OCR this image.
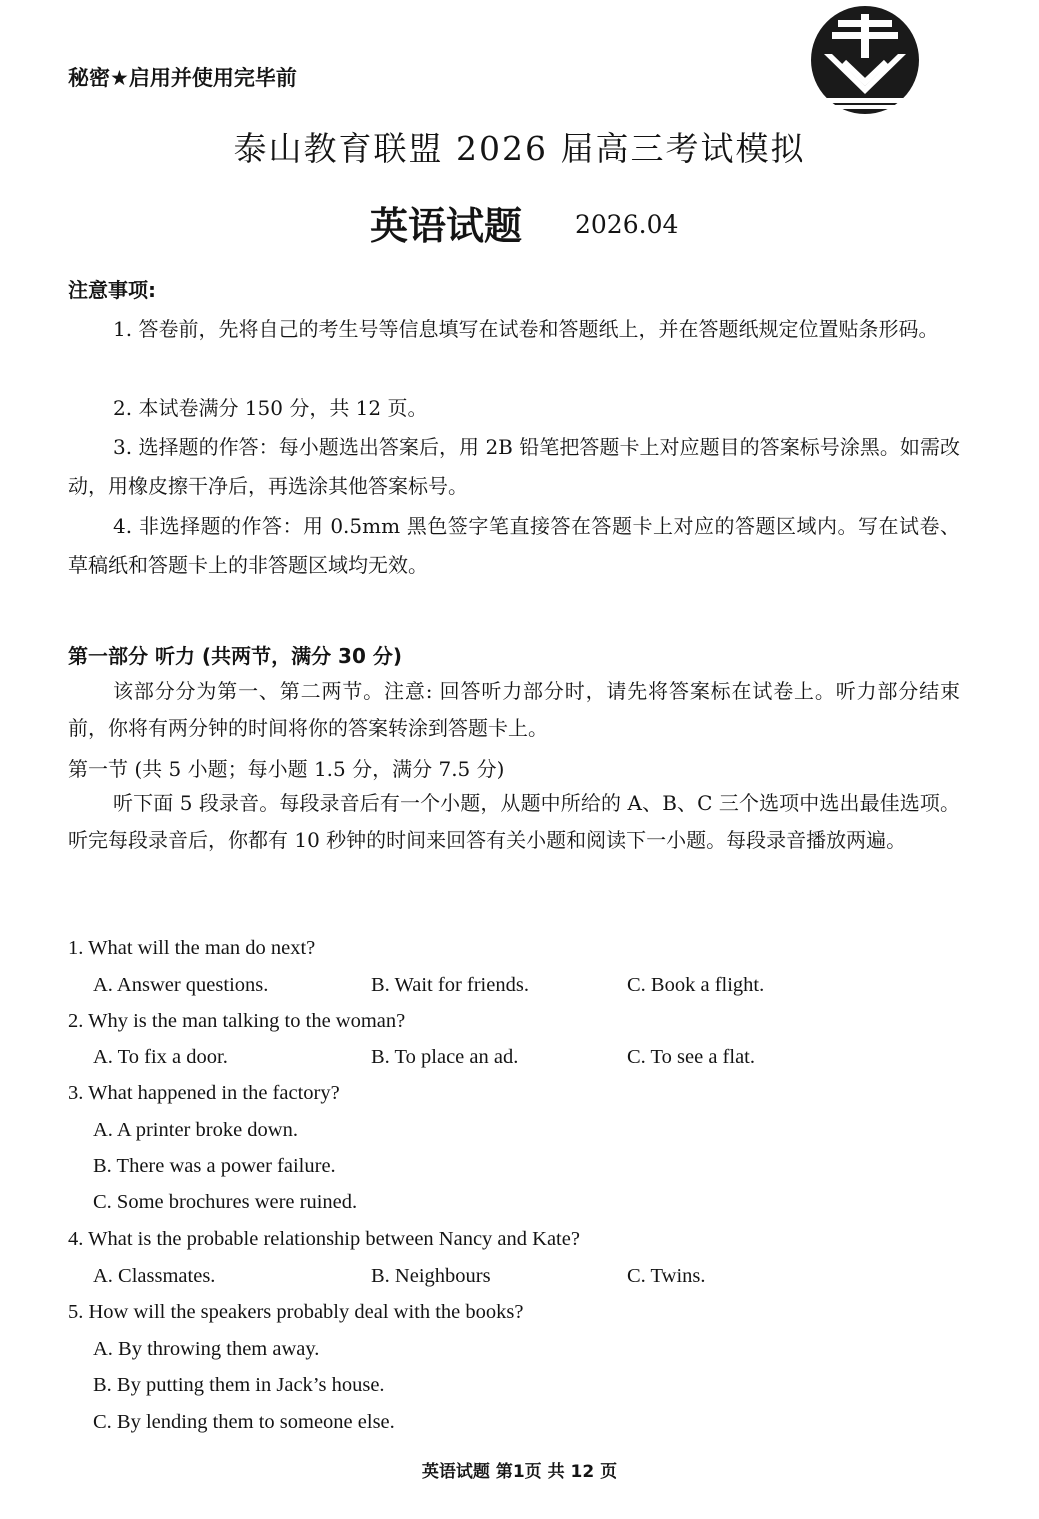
秘密★启用并使用完毕前
泰山教育联盟 2026 届高三考试模拟
英语试题 2026.04
注意事项:
1. 答卷前，先将自己的考生号等信息填写在试卷和答题纸上，并在答题纸规定位置贴条形码。
2. 本试卷满分 150 分，共 12 页。
3. 选择题的作答：每小题选出答案后，用 2B 铅笔把答题卡上对应题目的答案标号涂黑。如需改动，用橡皮擦干净后，再选涂其他答案标号。
4. 非选择题的作答：用 0.5mm 黑色签字笔直接答在答题卡上对应的答题区域内。写在试卷、草稿纸和答题卡上的非答题区域均无效。
第一部分 听力 (共两节，满分 30 分)
该部分分为第一、第二两节。注意: 回答听力部分时，请先将答案标在试卷上。听力部分结束前，你将有两分钟的时间将你的答案转涂到答题卡上。
第一节 (共 5 小题；每小题 1.5 分，满分 7.5 分)
听下面 5 段录音。每段录音后有一个小题，从题中所给的 A、B、C 三个选项中选出最佳选项。听完每段录音后，你都有 10 秒钟的时间来回答有关小题和阅读下一小题。每段录音播放两遍。
1. What will the man do next?
A. Answer questions.	B. Wait for friends.	C. Book a flight.
2. Why is the man talking to the woman?
A. To fix a door.	B. To place an ad.	C. To see a flat.
3. What happened in the factory?
A. A printer broke down.
B. There was a power failure.
C. Some brochures were ruined.
4. What is the probable relationship between Nancy and Kate?
A. Classmates.	B. Neighbours	C. Twins.
5. How will the speakers probably deal with the books?
A. By throwing them away.
B. By putting them in Jack’s house.
C. By lending them to someone else.
英语试题 第1页 共 12 页
